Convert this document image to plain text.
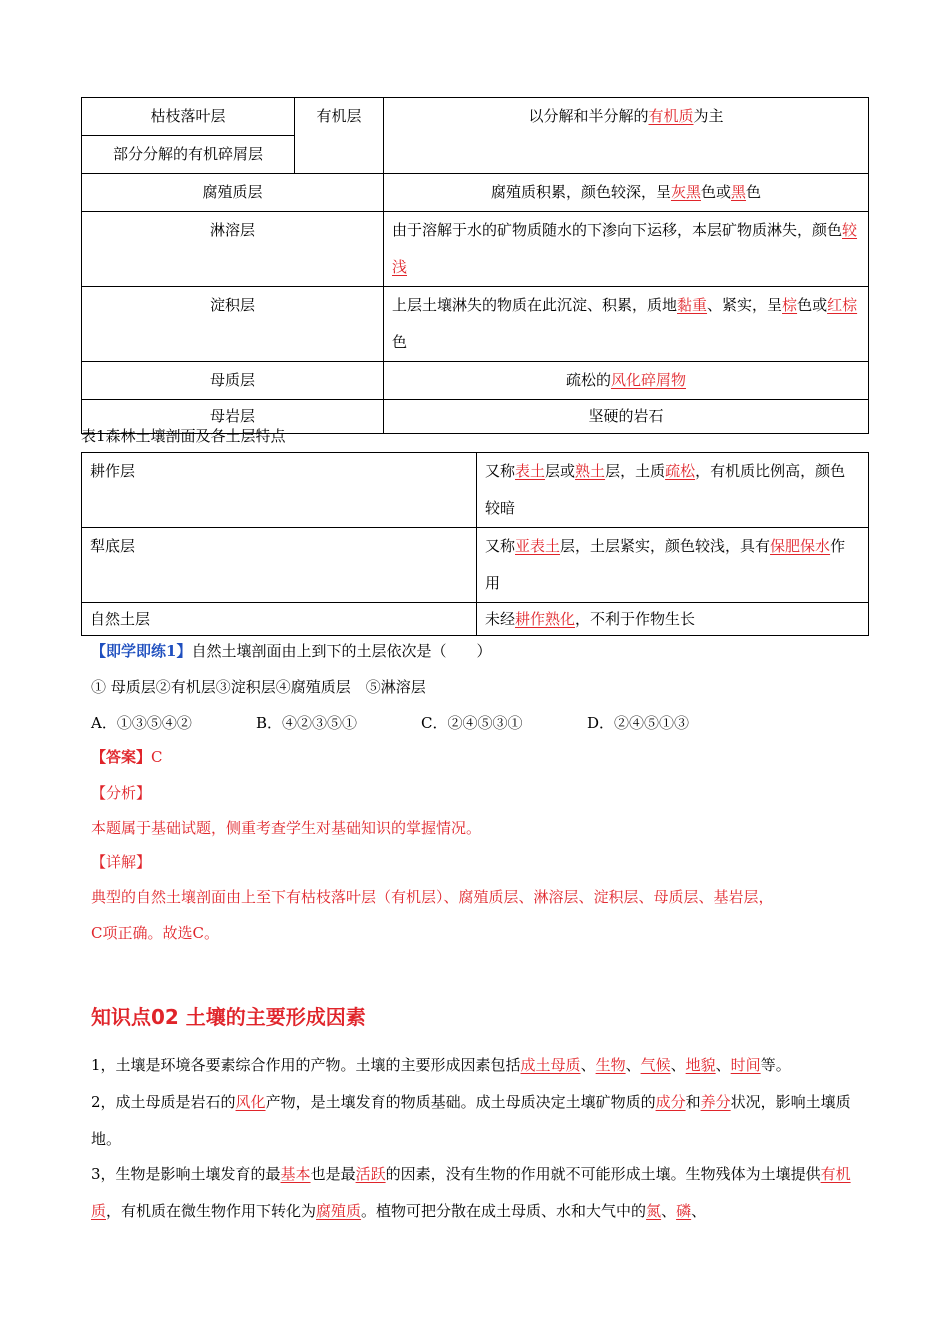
枯枝落叶层	有机层	以分解和半分解的有机质为主
部分分解的有机碎屑层		
腐殖质层		腐殖质积累，颜色较深，呈灰黑色或黑色
淋溶层		由于溶解于水的矿物质随水的下渗向下运移，本层矿物质淋失，颜色较浅
淀积层		上层土壤淋失的物质在此沉淀、积累，质地黏重、紧实，呈棕色或红棕色
母质层		疏松的风化碎屑物
母岩层		坚硬的岩石
表1森林土壤剖面及各土层特点
耕作层	又称表土层或熟土层，土质疏松，有机质比例高，颜色较暗
犁底层	又称亚表土层，土层紧实，颜色较浅，具有保肥保水作用
自然土层	未经耕作熟化，不利于作物生长
【即学即练1】自然土壤剖面由上到下的土层依次是（　　）
① 母质层②有机层③淀积层④腐殖质层　⑤淋溶层
A．①③⑤④②	B．④②③⑤①	C．②④⑤③①	D．②④⑤①③
【答案】C
【分析】
本题属于基础试题，侧重考查学生对基础知识的掌握情况。
【详解】
典型的自然土壤剖面由上至下有枯枝落叶层（有机层）、腐殖质层、淋溶层、淀积层、母质层、基岩层，
C项正确。故选C。
知识点02 土壤的主要形成因素
1，土壤是环境各要素综合作用的产物。土壤的主要形成因素包括成土母质、生物、气候、地貌、时间等。
2，成土母质是岩石的风化产物，是土壤发育的物质基础。成土母质决定土壤矿物质的成分和养分状况，影响土壤质地。
3，生物是影响土壤发育的最基本也是最活跃的因素，没有生物的作用就不可能形成土壤。生物残体为土壤提供有机质，有机质在微生物作用下转化为腐殖质。植物可把分散在成土母质、水和大气中的氮、磷、
